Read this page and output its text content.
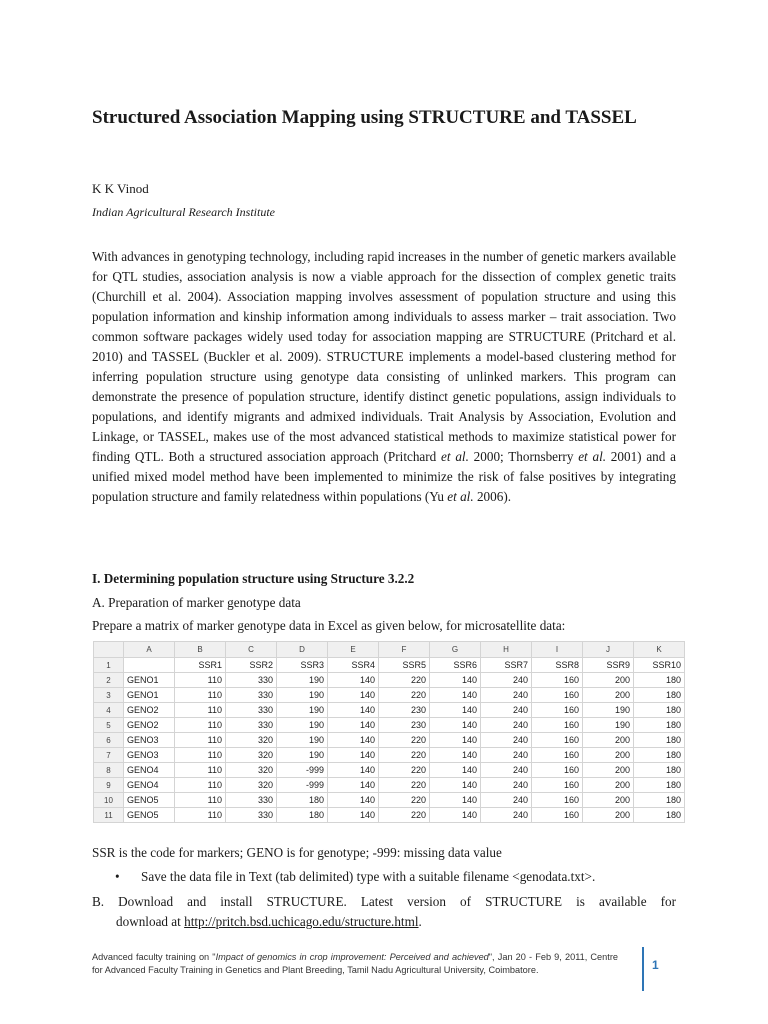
Structured Association Mapping using STRUCTURE and TASSEL
K K Vinod
Indian Agricultural Research Institute

With advances in genotyping technology, including rapid increases in the number of genetic markers available for QTL studies, association analysis is now a viable approach for the dissection of complex genetic traits (Churchill et al. 2004). Association mapping involves assessment of population structure and using this population information and kinship information among individuals to assess marker – trait association. Two common software packages widely used today for association mapping are STRUCTURE (Pritchard et al. 2010) and TASSEL (Buckler et al. 2009). STRUCTURE implements a model-based clustering method for inferring population structure using genotype data consisting of unlinked markers. This program can demonstrate the presence of population structure, identify distinct genetic populations, assign individuals to populations, and identify migrants and admixed individuals. Trait Analysis by Association, Evolution and Linkage, or TASSEL, makes use of the most advanced statistical methods to maximize statistical power for finding QTL. Both a structured association approach (Pritchard et al. 2000; Thornsberry et al. 2001) and a unified mixed model method have been implemented to minimize the risk of false positives by integrating population structure and family relatedness within populations (Yu et al. 2006).

I. Determining population structure using Structure 3.2.2
A. Preparation of marker genotype data
Prepare a matrix of marker genotype data in Excel as given below, for microsatellite data:
	A	B	C	D	E	F	G	H	I	J	K
1		SSR1	SSR2	SSR3	SSR4	SSR5	SSR6	SSR7	SSR8	SSR9	SSR10
2	GENO1	110	330	190	140	220	140	240	160	200	180
3	GENO1	110	330	190	140	220	140	240	160	200	180
4	GENO2	110	330	190	140	230	140	240	160	190	180
5	GENO2	110	330	190	140	230	140	240	160	190	180
6	GENO3	110	320	190	140	220	140	240	160	200	180
7	GENO3	110	320	190	140	220	140	240	160	200	180
8	GENO4	110	320	-999	140	220	140	240	160	200	180
9	GENO4	110	320	-999	140	220	140	240	160	200	180
10	GENO5	110	330	180	140	220	140	240	160	200	180
11	GENO5	110	330	180	140	220	140	240	160	200	180
SSR is the code for markers; GENO is for genotype; -999: missing data value
• Save the data file in Text (tab delimited) type with a suitable filename <genodata.txt>.
B. Download and install STRUCTURE. Latest version of STRUCTURE is available for
download at http://pritch.bsd.uchicago.edu/structure.html.
Advanced faculty training on "Impact of genomics in crop improvement: Perceived and achieved", Jan 20 - Feb 9, 2011, Centre for Advanced Faculty Training in Genetics and Plant Breeding, Tamil Nadu Agricultural University, Coimbatore.	1
